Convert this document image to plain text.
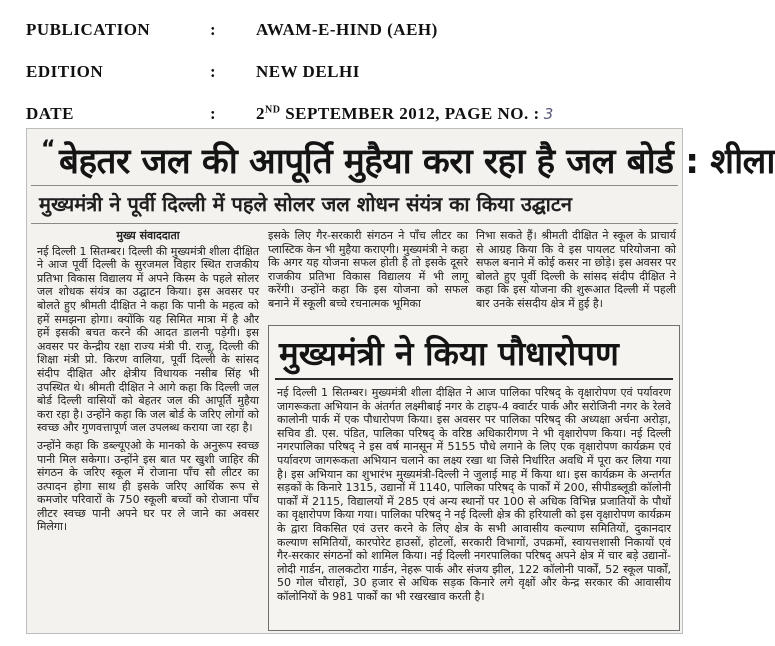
PUBLICATION	: AWAM-E-HIND (AEH)
EDITION	: NEW DELHI
DATE	: 2ND SEPTEMBER 2012, PAGE NO. : 3
“ बेहतर जल की आपूर्ति मुहैया करा रहा है जल बोर्ड : शीला
मुख्यमंत्री ने पूर्वी दिल्ली में पहले सोलर जल शोधन संयंत्र का किया उद्घाटन
मुख्य संवाददाता

नई दिल्ली 1 सितम्बर। दिल्ली की मुख्यमंत्री शीला दीक्षित ने आज पूर्वी दिल्ली के सुरजमल विहार स्थित राजकीय प्रतिभा विकास विद्यालय में अपने किस्म के पहले सोलर जल शोधक संयंत्र का उद्घाटन किया। इस अवसर पर बोलते हुए श्रीमती दीक्षित ने कहा कि पानी के महत्व को हमें समझना होगा। क्योंकि यह सिमित मात्रा में है और हमें इसकी बचत करने की आदत डालनी पड़ेगी। इस अवसर पर केन्द्रीय रक्षा राज्य मंत्री पी. राजू, दिल्ली की शिक्षा मंत्री प्रो. किरण वालिया, पूर्वी दिल्ली के सांसद संदीप दीक्षित और क्षेत्रीय विधायक नसीब सिंह भी उपस्थित थे। श्रीमती दीक्षित ने आगे कहा कि दिल्ली जल बोर्ड दिल्ली वासियों को बेहतर जल की आपूर्ति मुहैया करा रहा है। उन्होंने कहा कि जल बोर्ड के जरिए लोगों को स्वच्छ और गुणवत्तापूर्ण जल उपलब्ध कराया जा रहा है।

उन्होंने कहा कि डब्ल्यूएओ के मानको के अनुरूप स्वच्छ पानी मिल सकेगा। उन्होंने इस बात पर खुशी जाहिर की संगठन के जरिए स्कूल में रोजाना पाँच सौ लीटर का उत्पादन होगा साथ ही इसके जरिए आर्थिक रूप से कमजोर परिवारों के 750 स्कूली बच्चों को रोजाना पाँच लीटर स्वच्छ पानी अपने घर पर ले जाने का अवसर मिलेगा।

इसके लिए गैर-सरकारी संगठन ने पाँच लीटर का प्लास्टिक केन भी मुहैया कराएगी। मुख्यमंत्री ने कहा कि अगर यह योजना सफल होती है तो इसके दूसरे राजकीय प्रतिभा विकास विद्यालय में भी लागू करेंगी। उन्होंने कहा कि इस योजना को सफल बनाने में स्कूली बच्चे रचनात्मक भूमिका

निभा सकते हैं। श्रीमती दीक्षित ने स्कूल के प्राचार्य से आग्रह किया कि वे इस पायलट परियोजना को सफल बनाने में कोई कसर ना छोड़े। इस अवसर पर बोलते हुए पूर्वी दिल्ली के सांसद संदीप दीक्षित ने कहा कि इस योजना की शुरूआत दिल्ली में पहली बार उनके संसदीय क्षेत्र में हुई है।

मुख्यमंत्री ने किया पौधारोपण
नई दिल्ली 1 सितम्बर। मुख्यमंत्री शीला दीक्षित ने आज पालिका परिषद् के वृक्षारोपण एवं पर्यावरण जागरूकता अभियान के अंतर्गत लक्ष्मीबाई नगर के टाइप-4 क्वार्टर पार्क और सरोजिनी नगर के रेलवे कालोनी पार्क में एक पौधारोपण किया। इस अवसर पर पालिका परिषद् की अध्यक्षा अर्चना अरोड़ा, सचिव डी. एस. पंडित, पालिका परिषद् के वरिष्ठ अधिकारीगण ने भी वृक्षारोपण किया। नई दिल्ली नगरपालिका परिषद् ने इस वर्ष मानसून में 5155 पौधे लगाने के लिए एक वृक्षारोपण कार्यक्रम एवं पर्यावरण जागरूकता अभियान चलाने का लक्ष्य रखा था जिसे निर्धारित अवधि में पूरा कर लिया गया है। इस अभियान का शुभारंभ मुख्यमंत्री-दिल्ली ने जुलाई माह में किया था। इस कार्यक्रम के अन्तर्गत सड़कों के किनारे 1315, उद्यानों में 1140, पालिका परिषद् के पार्कों में 200, सीपीडब्लूडी कॉलोनी पार्कों में 2115, विद्यालयों में 285 एवं अन्य स्थानों पर 100 से अधिक विभिन्न प्रजातियों के पौधों का वृक्षारोपण किया गया। पालिका परिषद् ने नई दिल्ली क्षेत्र की हरियाली को इस वृक्षारोपण कार्यक्रम के द्वारा विकसित एवं उत्तर करने के लिए क्षेत्र के सभी आवासीय कल्याण समितियों, दुकानदार कल्याण समितियों, कारपोरेट हाउसों, होटलों, सरकारी विभागों, उपक्रमों, स्वायत्तशासी निकायों एवं गैर-सरकार संगठनों को शामिल किया। नई दिल्ली नगरपालिका परिषद् अपने क्षेत्र में चार बड़े उद्यानों-लोदी गार्डन, तालकटोरा गार्डन, नेहरू पार्क और संजय झील, 122 कॉलोनी पार्कों, 52 स्कूल पार्कों, 50 गोल चौराहों, 30 हजार से अधिक सड़क किनारे लगे वृक्षों और केन्द्र सरकार की आवासीय कॉलोनियों के 981 पार्कों का भी रखरखाव करती है।
